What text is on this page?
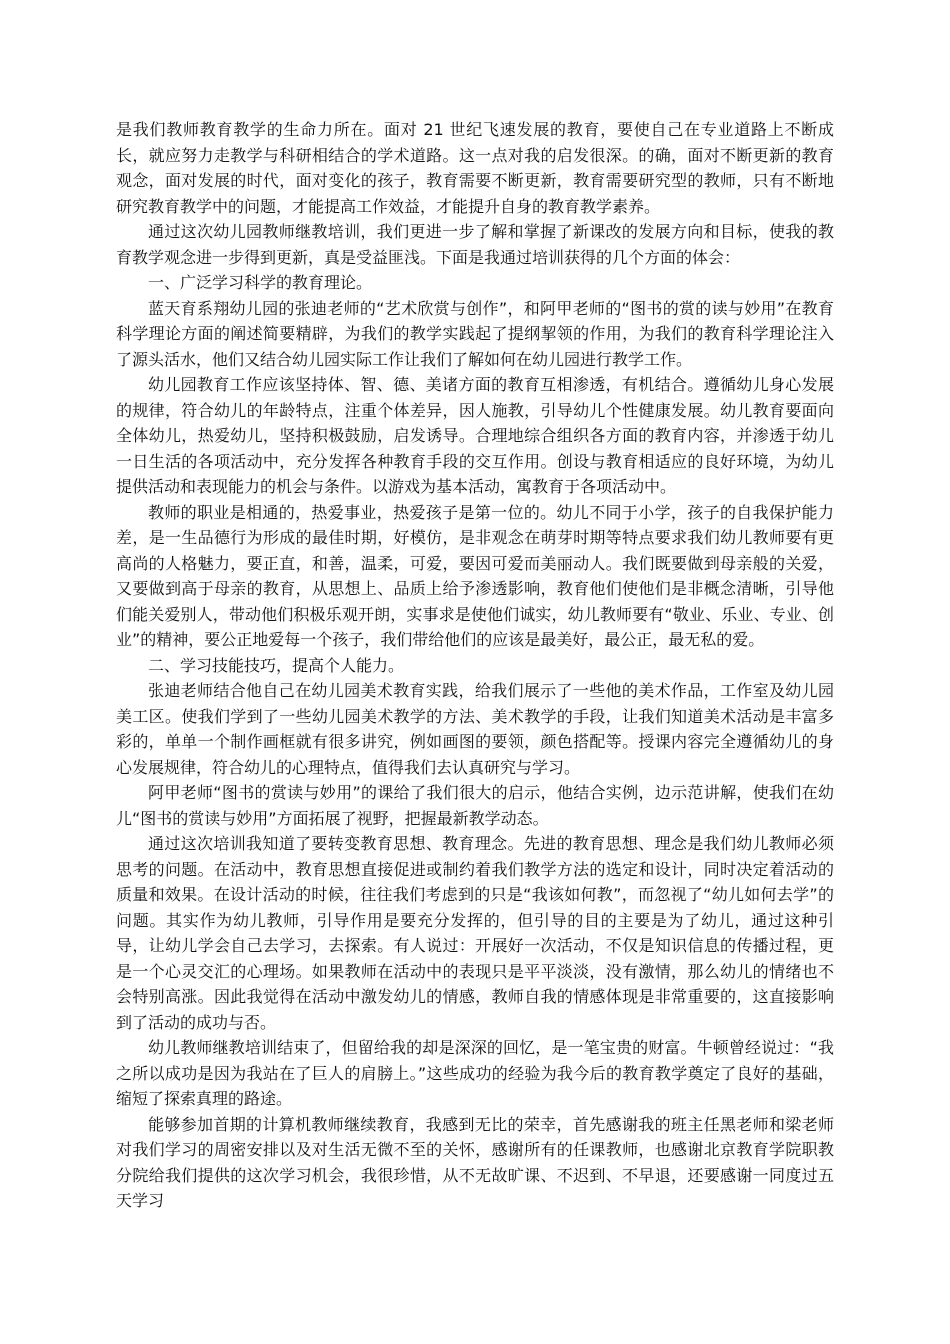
是我们教师教育教学的生命力所在。面对 21 世纪飞速发展的教育，要使自己在专业道路上不断成长，就应努力走教学与科研相结合的学术道路。这一点对我的启发很深。的确，面对不断更新的教育观念，面对发展的时代，面对变化的孩子，教育需要不断更新，教育需要研究型的教师，只有不断地研究教育教学中的问题，才能提高工作效益，才能提升自身的教育教学素养。

通过这次幼儿园教师继教培训，我们更进一步了解和掌握了新课改的发展方向和目标，使我的教育教学观念进一步得到更新，真是受益匪浅。下面是我通过培训获得的几个方面的体会：

一、广泛学习科学的教育理论。

蓝天育系翔幼儿园的张迪老师的“艺术欣赏与创作”，和阿甲老师的“图书的赏的读与妙用”在教育科学理论方面的阐述简要精辟，为我们的教学实践起了提纲挈领的作用，为我们的教育科学理论注入了源头活水，他们又结合幼儿园实际工作让我们了解如何在幼儿园进行教学工作。

幼儿园教育工作应该坚持体、智、德、美诸方面的教育互相渗透，有机结合。遵循幼儿身心发展的规律，符合幼儿的年龄特点，注重个体差异，因人施教，引导幼儿个性健康发展。幼儿教育要面向全体幼儿，热爱幼儿，坚持积极鼓励，启发诱导。合理地综合组织各方面的教育内容，并渗透于幼儿一日生活的各项活动中，充分发挥各种教育手段的交互作用。创设与教育相适应的良好环境，为幼儿提供活动和表现能力的机会与条件。以游戏为基本活动，寓教育于各项活动中。

教师的职业是相通的，热爱事业，热爱孩子是第一位的。幼儿不同于小学，孩子的自我保护能力差，是一生品德行为形成的最佳时期，好模仿，是非观念在萌芽时期等特点要求我们幼儿教师要有更高尚的人格魅力，要正直，和善，温柔，可爱，要因可爱而美丽动人。我们既要做到母亲般的关爱，又要做到高于母亲的教育，从思想上、品质上给予渗透影响，教育他们使他们是非概念清晰，引导他们能关爱别人，带动他们积极乐观开朗，实事求是使他们诚实，幼儿教师要有“敬业、乐业、专业、创业”的精神，要公正地爱每一个孩子，我们带给他们的应该是最美好，最公正，最无私的爱。

二、学习技能技巧，提高个人能力。

张迪老师结合他自己在幼儿园美术教育实践，给我们展示了一些他的美术作品，工作室及幼儿园美工区。使我们学到了一些幼儿园美术教学的方法、美术教学的手段，让我们知道美术活动是丰富多彩的，单单一个制作画框就有很多讲究，例如画图的要领，颜色搭配等。授课内容完全遵循幼儿的身心发展规律，符合幼儿的心理特点，值得我们去认真研究与学习。

阿甲老师“图书的赏读与妙用”的课给了我们很大的启示，他结合实例，边示范讲解，使我们在幼儿“图书的赏读与妙用”方面拓展了视野，把握最新教学动态。

通过这次培训我知道了要转变教育思想、教育理念。先进的教育思想、理念是我们幼儿教师必须思考的问题。在活动中，教育思想直接促进或制约着我们教学方法的选定和设计，同时决定着活动的质量和效果。在设计活动的时候，往往我们考虑到的只是“我该如何教”，而忽视了“幼儿如何去学”的问题。其实作为幼儿教师，引导作用是要充分发挥的，但引导的目的主要是为了幼儿，通过这种引导，让幼儿学会自己去学习，去探索。有人说过：开展好一次活动，不仅是知识信息的传播过程，更是一个心灵交汇的心理场。如果教师在活动中的表现只是平平淡淡，没有激情，那么幼儿的情绪也不会特别高涨。因此我觉得在活动中激发幼儿的情感，教师自我的情感体现是非常重要的，这直接影响到了活动的成功与否。

幼儿教师继教培训结束了，但留给我的却是深深的回忆，是一笔宝贵的财富。牛顿曾经说过：“我之所以成功是因为我站在了巨人的肩膀上。”这些成功的经验为我今后的教育教学奠定了良好的基础，缩短了探索真理的路途。

能够参加首期的计算机教师继续教育，我感到无比的荣幸，首先感谢我的班主任黑老师和梁老师对我们学习的周密安排以及对生活无微不至的关怀，感谢所有的任课教师，也感谢北京教育学院职教分院给我们提供的这次学习机会，我很珍惜，从不无故旷课、不迟到、不早退，还要感谢一同度过五天学习
